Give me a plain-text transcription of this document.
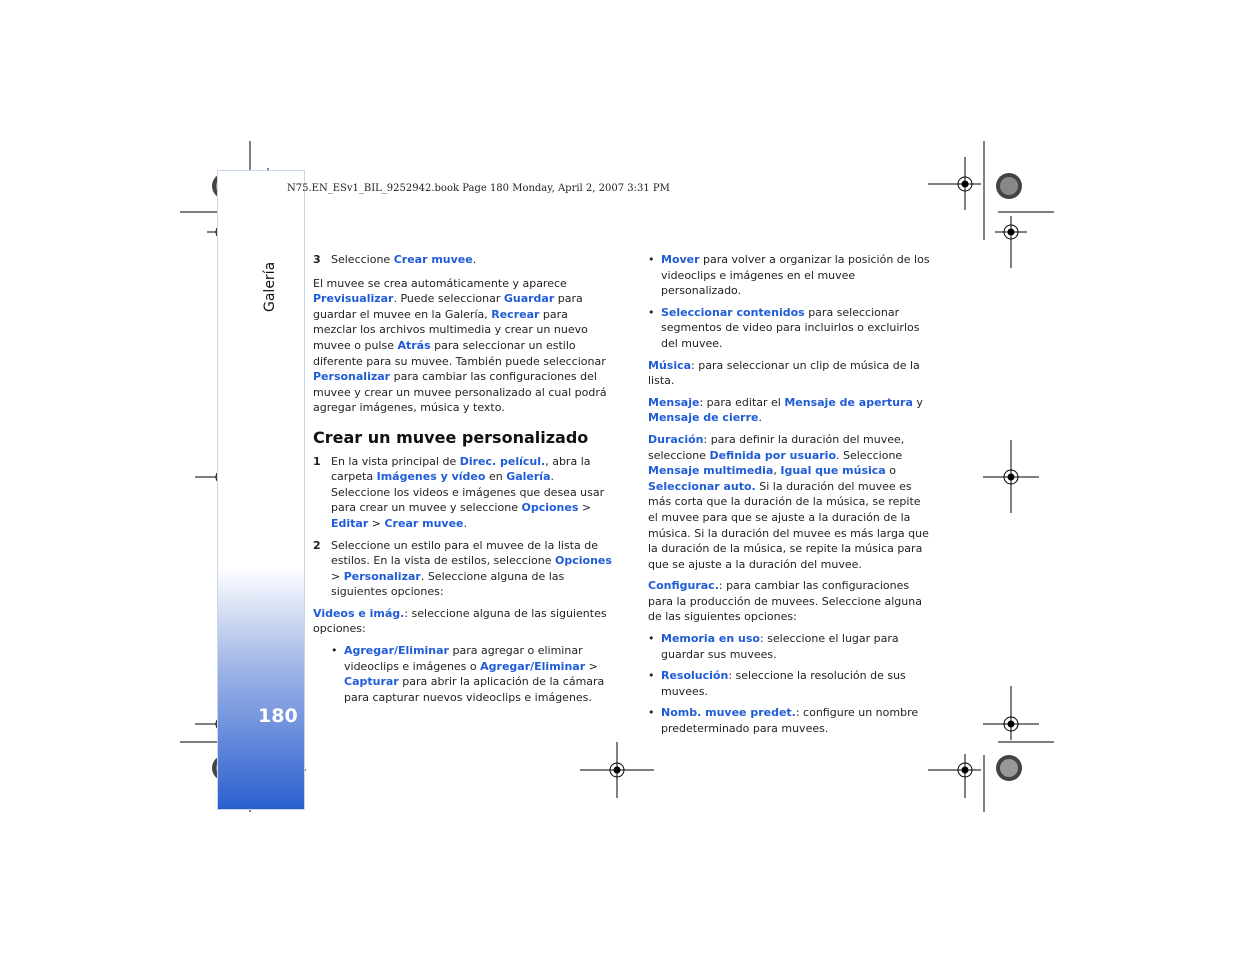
Galería
180
N75.EN_ESv1_BIL_9252942.book Page 180 Monday, April 2, 2007 3:31 PM
3 Seleccione Crear muvee.

El muvee se crea automáticamente y aparece Previsualizar. Puede seleccionar Guardar para guardar el muvee en la Galería, Recrear para mezclar los archivos multimedia y crear un nuevo muvee o pulse Atrás para seleccionar un estilo diferente para su muvee. También puede seleccionar Personalizar para cambiar las configuraciones del muvee y crear un muvee personalizado al cual podrá agregar imágenes, música y texto.

Crear un muvee personalizado
1 En la vista principal de Direc. películ., abra la carpeta Imágenes y vídeo en Galería. Seleccione los videos e imágenes que desea usar para crear un muvee y seleccione Opciones > Editar > Crear muvee.
2 Seleccione un estilo para el muvee de la lista de estilos. En la vista de estilos, seleccione Opciones > Personalizar. Seleccione alguna de las siguientes opciones:

Videos e imág.: seleccione alguna de las siguientes opciones:

• Agregar/Eliminar para agregar o eliminar videoclips e imágenes o Agregar/Eliminar > Capturar para abrir la aplicación de la cámara para capturar nuevos videoclips e imágenes.
• Mover para volver a organizar la posición de los videoclips e imágenes en el muvee personalizado.
• Seleccionar contenidos para seleccionar segmentos de video para incluirlos o excluirlos del muvee.

Música: para seleccionar un clip de música de la lista.

Mensaje: para editar el Mensaje de apertura y Mensaje de cierre.

Duración: para definir la duración del muvee, seleccione Definida por usuario. Seleccione Mensaje multimedia, Igual que música o Seleccionar auto. Si la duración del muvee es más corta que la duración de la música, se repite el muvee para que se ajuste a la duración de la música. Si la duración del muvee es más larga que la duración de la música, se repite la música para que se ajuste a la duración del muvee.

Configurac.: para cambiar las configuraciones para la producción de muvees. Seleccione alguna de las siguientes opciones:

• Memoria en uso: seleccione el lugar para guardar sus muvees.
• Resolución: seleccione la resolución de sus muvees.
• Nomb. muvee predet.: configure un nombre predeterminado para muvees.
